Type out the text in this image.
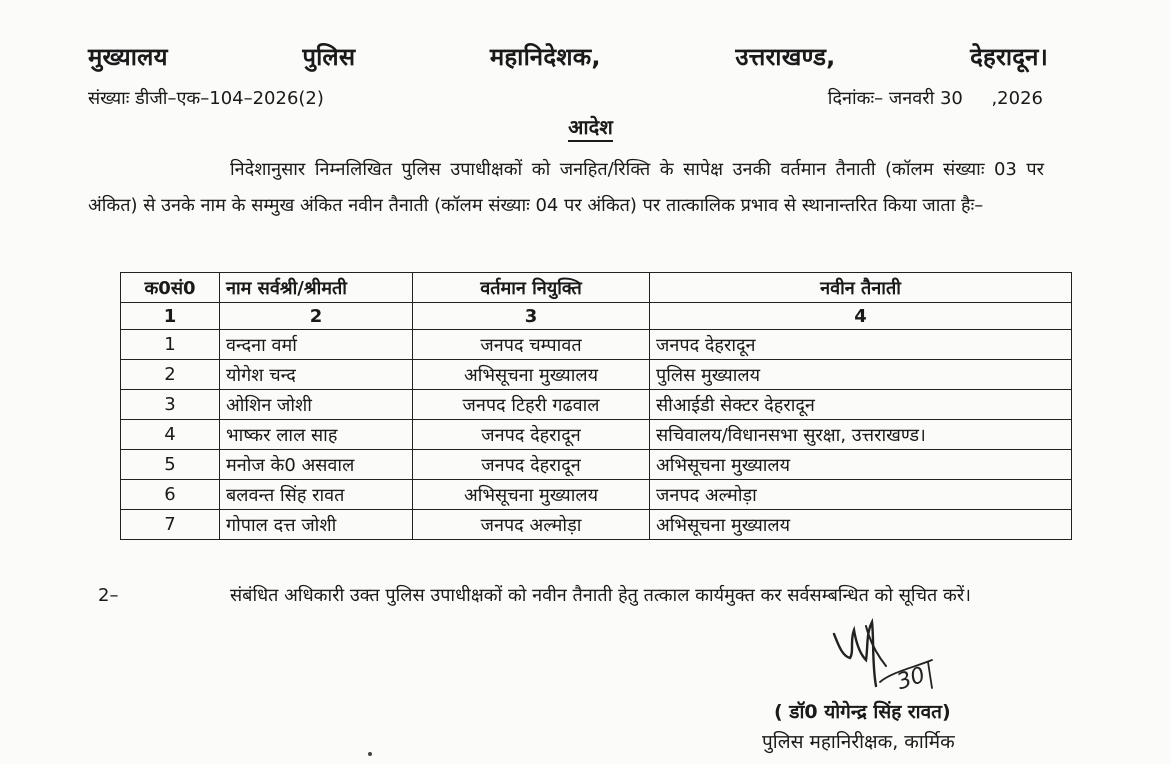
मुख्यालय	पुलिस	महानिदेशक,	उत्तराखण्ड,	देहरादून।
संख्याः डीजी–एक–104–2026(2)	दिनांकः– जनवरी 30     ,2026
आदेश
निदेशानुसार निम्नलिखित पुलिस उपाधीक्षकों को जनहित/रिक्ति के सापेक्ष उनकी वर्तमान तैनाती (कॉलम संख्याः 03 पर अंकित) से उनके नाम के सम्मुख अंकित नवीन तैनाती (कॉलम संख्याः 04 पर अंकित) पर तात्कालिक प्रभाव से स्थानान्तरित किया जाता हैः–
क0सं0	नाम सर्वश्री/श्रीमती	वर्तमान नियुक्ति	नवीन तैनाती
1	2	3	4
1	वन्दना वर्मा	जनपद चम्पावत	जनपद देहरादून
2	योगेश चन्द	अभिसूचना मुख्यालय	पुलिस मुख्यालय
3	ओशिन जोशी	जनपद टिहरी गढवाल	सीआईडी सेक्टर देहरादून
4	भाष्कर लाल साह	जनपद देहरादून	सचिवालय/विधानसभा सुरक्षा, उत्तराखण्ड।
5	मनोज के0 असवाल	जनपद देहरादून	अभिसूचना मुख्यालय
6	बलवन्त सिंह रावत	अभिसूचना मुख्यालय	जनपद अल्मोड़ा
7	गोपाल दत्त जोशी	जनपद अल्मोड़ा	अभिसूचना मुख्यालय
2–	संबंधित अधिकारी उक्त पुलिस उपाधीक्षकों को नवीन तैनाती हेतु तत्काल कार्यमुक्त कर सर्वसम्बन्धित को सूचित करें।
30
( डॉ0 योगेन्द्र सिंह रावत)
पुलिस महानिरीक्षक, कार्मिक
